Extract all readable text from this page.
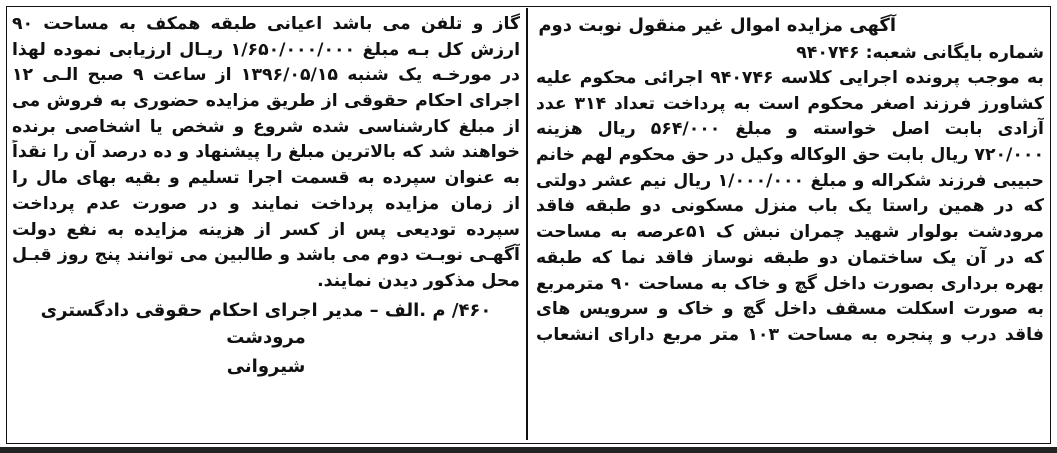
آگهی مزایده اموال غیر منقول نوبت دوم
شماره بایگانی شعبه: ۹۴۰۷۴۶
به موجب پرونده اجرایی کلاسه ۹۴۰۷۴۶ اجرائی محکوم علیه
کشاورز فرزند اصغر محکوم است به پرداخت تعداد ۳۱۴ عدد
آزادی بابت اصل خواسته و مبلغ ۵۶۴/۰۰۰ ریال هزینه
۷۲۰/۰۰۰ ریال بابت حق الوکاله وکیل در حق محکوم لهم خانم
حبیبی فرزند شکراله و مبلغ ۱/۰۰۰/۰۰۰ ریال نیم عشر دولتی
که در همین راستا یک باب منزل مسکونی دو طبقه فاقد
مرودشت بولوار شهید چمران نبش ک ۵۱عرصه به مساحت
که در آن یک ساختمان دو طبقه نوساز فاقد نما که طبقه
بهره برداری بصورت داخل گچ و خاک به مساحت ۹۰ مترمربع
به صورت اسکلت مسقف داخل گچ و خاک و سرویس های
فاقد درب و پنجره به مساحت ۱۰۳ متر مربع دارای انشعاب
گاز و تلفن می باشد اعیانی طبقه همکف به مساحت ۹۰
ارزش کل بـه مبلغ ۱/۶۵۰/۰۰۰/۰۰۰ ریـال ارزیابی نموده لهذا
در مورخـه یک شنبه ۱۳۹۶/۰۵/۱۵ از ساعت ۹ صبح الـی ۱۲
اجرای احکام حقوقی از طریق مزایده حضوری به فروش می
از مبلغ کارشناسی شده شروع و شخص یا اشخاصی برنده
خواهند شد که بالاترین مبلغ را پیشنهاد و ده درصد آن را نقداً
به عنوان سپرده به قسمت اجرا تسلیم و بقیه بهای مال را
از زمان مزایده پرداخت نمایند و در صورت عدم پرداخت
سپرده تودیعی پس از کسر از هزینه مزایده به نفع دولت
آگهـی نوبـت دوم می باشد و طالبین می توانند پنج روز قبـل
محل مذکور دیدن نمایند.
۴۶۰/ م .الف – مدیر اجرای احکام حقوقی دادگستری مرودشت
شیروانی
